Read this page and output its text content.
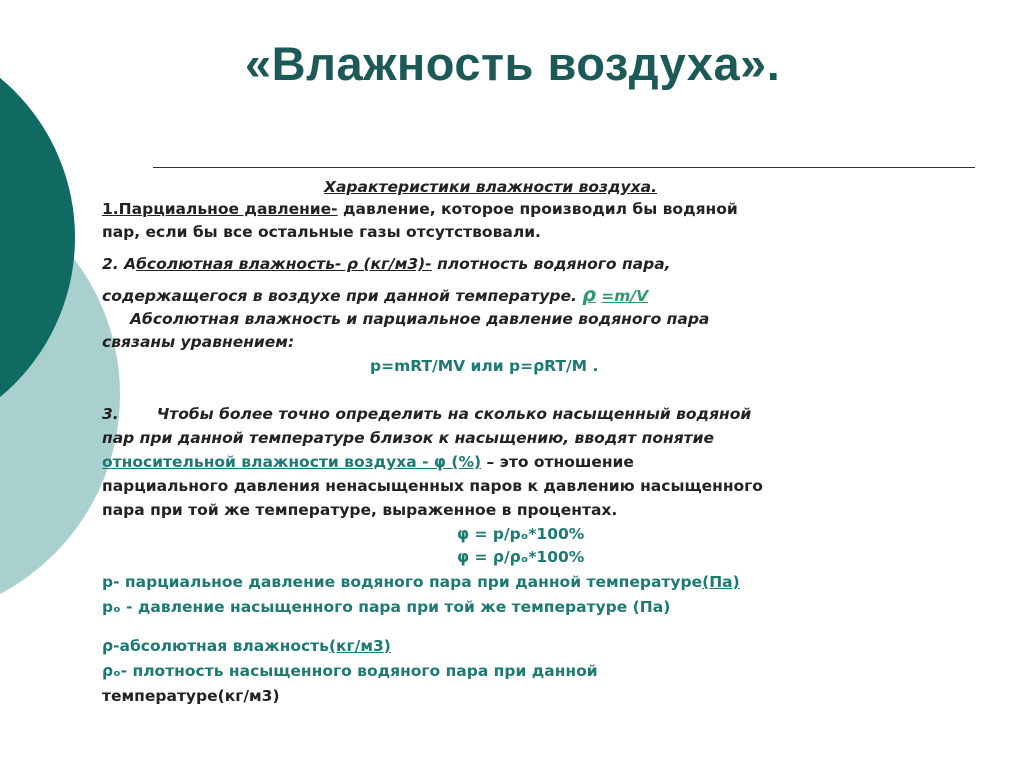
«Влажность воздуха».
Характеристики влажности воздуха.
1.Парциальное давление- давление, которое производил бы водяной
пар, если бы все остальные газы отсутствовали.
2. Абсолютная влажность- ρ (кг/м3)- плотность водяного пара,
содержащегося в воздухе при данной температуре. ρ =m/V
Абсолютная влажность и парциальное давление водяного пара
связаны уравнением:
p=mRT/MV или p=ρRT/M .
3. Чтобы более точно определить на сколько насыщенный водяной
пар при данной температуре близок к насыщению, вводят понятие
относительной влажности воздуха - φ (%) – это отношение
парциального давления ненасыщенных паров к давлению насыщенного
пара при той же температуре, выраженное в процентах.
φ = p/pₒ*100%
φ = ρ/ρₒ*100%
p- парциальное давление водяного пара при данной температуре(Па)
pₒ - давление насыщенного пара при той же температуре (Па)
ρ-абсолютная влажность(кг/м3)
ρₒ- плотность насыщенного водяного пара при данной
температуре(кг/м3)
